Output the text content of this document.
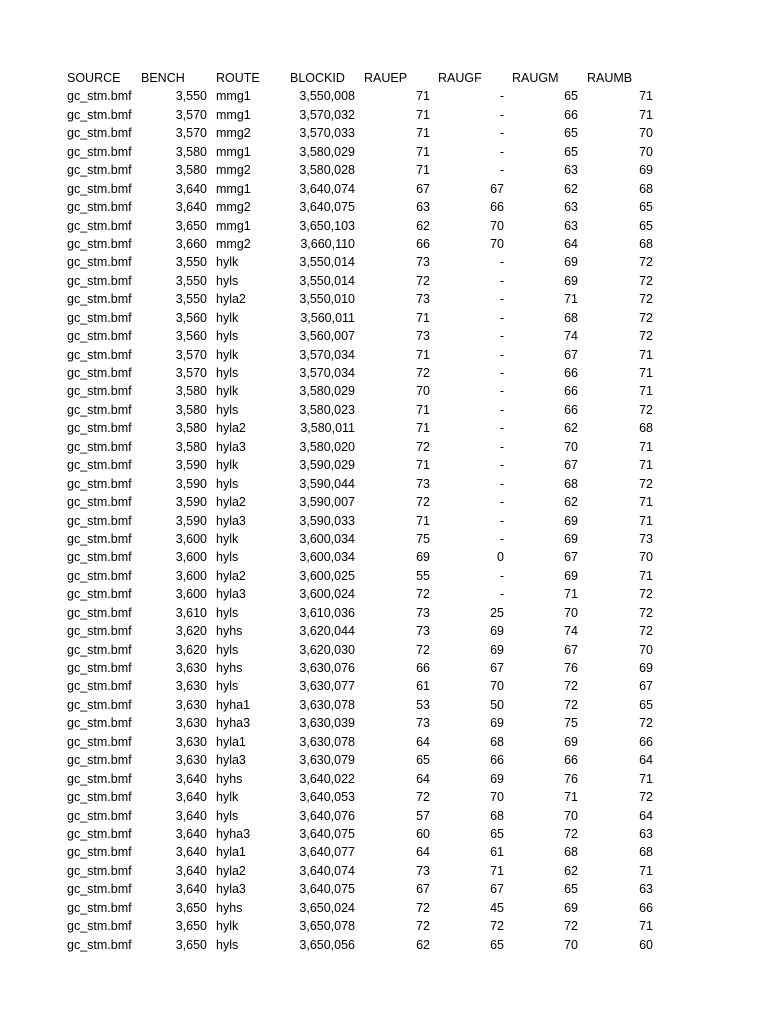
SOURCE BENCH ROUTE BLOCKID RAUEP RAUGF RAUGM RAUMB
gc_stm.bmf	3,550 mmg1	3,550,008	71	-	65	71
gc_stm.bmf	3,570 mmg1	3,570,032	71	-	66	71
gc_stm.bmf	3,570 mmg2	3,570,033	71	-	65	70
gc_stm.bmf	3,580 mmg1	3,580,029	71	-	65	70
gc_stm.bmf	3,580 mmg2	3,580,028	71	-	63	69
gc_stm.bmf	3,640 mmg1	3,640,074	67	67	62	68
gc_stm.bmf	3,640 mmg2	3,640,075	63	66	63	65
gc_stm.bmf	3,650 mmg1	3,650,103	62	70	63	65
gc_stm.bmf	3,660 mmg2	3,660,110	66	70	64	68
gc_stm.bmf	3,550 hylk	3,550,014	73	-	69	72
gc_stm.bmf	3,550 hyls	3,550,014	72	-	69	72
gc_stm.bmf	3,550 hyla2	3,550,010	73	-	71	72
gc_stm.bmf	3,560 hylk	3,560,011	71	-	68	72
gc_stm.bmf	3,560 hyls	3,560,007	73	-	74	72
gc_stm.bmf	3,570 hylk	3,570,034	71	-	67	71
gc_stm.bmf	3,570 hyls	3,570,034	72	-	66	71
gc_stm.bmf	3,580 hylk	3,580,029	70	-	66	71
gc_stm.bmf	3,580 hyls	3,580,023	71	-	66	72
gc_stm.bmf	3,580 hyla2	3,580,011	71	-	62	68
gc_stm.bmf	3,580 hyla3	3,580,020	72	-	70	71
gc_stm.bmf	3,590 hylk	3,590,029	71	-	67	71
gc_stm.bmf	3,590 hyls	3,590,044	73	-	68	72
gc_stm.bmf	3,590 hyla2	3,590,007	72	-	62	71
gc_stm.bmf	3,590 hyla3	3,590,033	71	-	69	71
gc_stm.bmf	3,600 hylk	3,600,034	75	-	69	73
gc_stm.bmf	3,600 hyls	3,600,034	69	0	67	70
gc_stm.bmf	3,600 hyla2	3,600,025	55	-	69	71
gc_stm.bmf	3,600 hyla3	3,600,024	72	-	71	72
gc_stm.bmf	3,610 hyls	3,610,036	73	25	70	72
gc_stm.bmf	3,620 hyhs	3,620,044	73	69	74	72
gc_stm.bmf	3,620 hyls	3,620,030	72	69	67	70
gc_stm.bmf	3,630 hyhs	3,630,076	66	67	76	69
gc_stm.bmf	3,630 hyls	3,630,077	61	70	72	67
gc_stm.bmf	3,630 hyha1	3,630,078	53	50	72	65
gc_stm.bmf	3,630 hyha3	3,630,039	73	69	75	72
gc_stm.bmf	3,630 hyla1	3,630,078	64	68	69	66
gc_stm.bmf	3,630 hyla3	3,630,079	65	66	66	64
gc_stm.bmf	3,640 hyhs	3,640,022	64	69	76	71
gc_stm.bmf	3,640 hylk	3,640,053	72	70	71	72
gc_stm.bmf	3,640 hyls	3,640,076	57	68	70	64
gc_stm.bmf	3,640 hyha3	3,640,075	60	65	72	63
gc_stm.bmf	3,640 hyla1	3,640,077	64	61	68	68
gc_stm.bmf	3,640 hyla2	3,640,074	73	71	62	71
gc_stm.bmf	3,640 hyla3	3,640,075	67	67	65	63
gc_stm.bmf	3,650 hyhs	3,650,024	72	45	69	66
gc_stm.bmf	3,650 hylk	3,650,078	72	72	72	71
gc_stm.bmf	3,650 hyls	3,650,056	62	65	70	60
